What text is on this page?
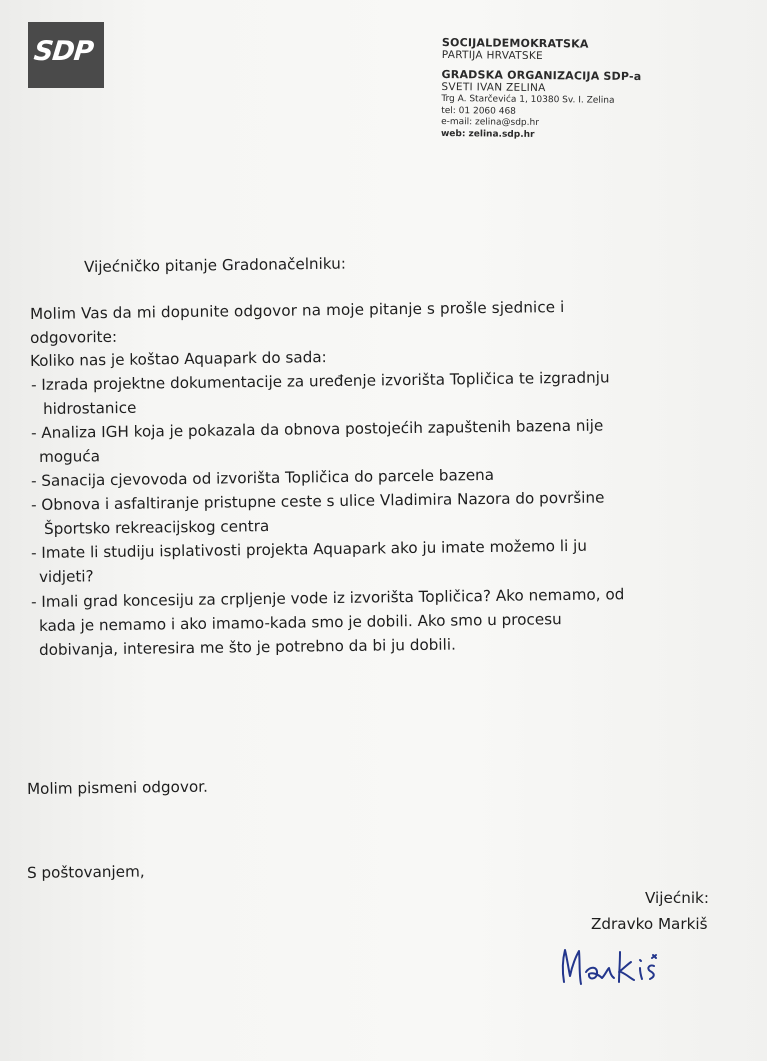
SDP	SOCIJALDEMOKRATSKA
PARTIJA HRVATSKE
GRADSKA ORGANIZACIJA SDP-a
SVETI IVAN ZELINA
Trg A. Starčevića 1, 10380 Sv. I. Zelina
tel: 01 2060 468
e-mail: zelina@sdp.hr
web: zelina.sdp.hr
Vijećničko pitanje Gradonačelniku:
Molim Vas da mi dopunite odgovor na moje pitanje s prošle sjednice i
odgovorite:
Koliko nas je koštao Aquapark do sada:
- Izrada projektne dokumentacije za uređenje izvorišta Topličica te izgradnju
hidrostanice
- Analiza IGH koja je pokazala da obnova postojećih zapuštenih bazena nije
moguća
- Sanacija cjevovoda od izvorišta Topličica do parcele bazena
- Obnova i asfaltiranje pristupne ceste s ulice Vladimira Nazora do površine
Športsko rekreacijskog centra
- Imate li studiju isplativosti projekta Aquapark ako ju imate možemo li ju
vidjeti?
- Imali grad koncesiju za crpljenje vode iz izvorišta Topličica? Ako nemamo, od
kada je nemamo i ako imamo-kada smo je dobili. Ako smo u procesu
dobivanja, interesira me što je potrebno da bi ju dobili.
Molim pismeni odgovor.
S poštovanjem,
Vijećnik:
Zdravko Markiš
